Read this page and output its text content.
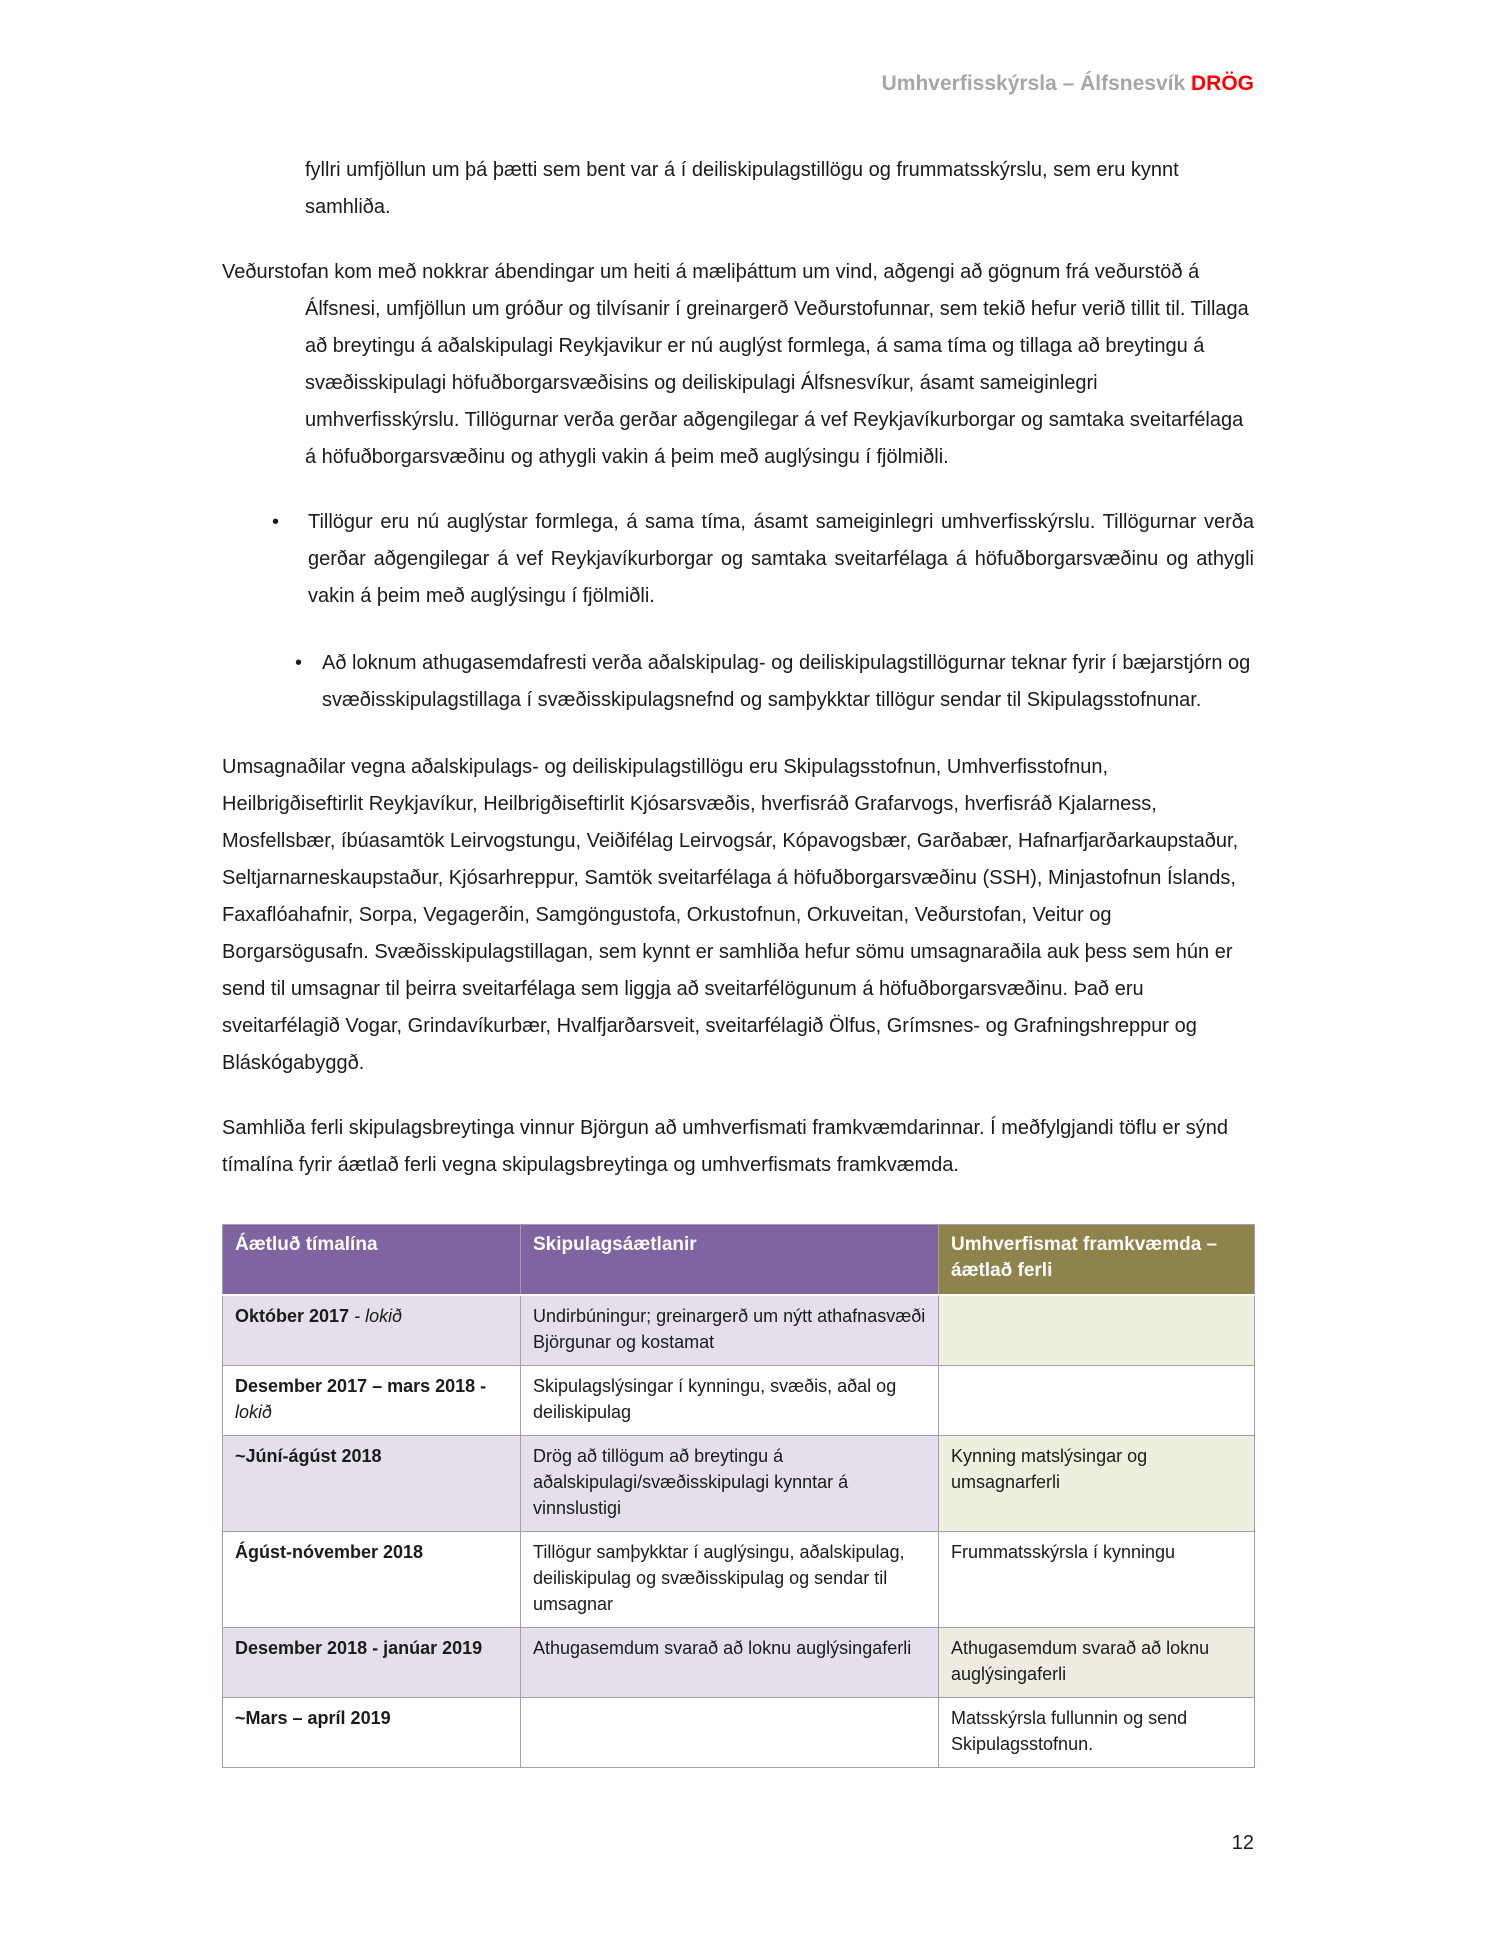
Umhverfisskýrsla – Álfsnesvík DRÖG

fyllri umfjöllun um þá þætti sem bent var á í deiliskipulagstillögu og frummatsskýrslu, sem eru kynnt samhliða.

Veðurstofan kom með nokkrar ábendingar um heiti á mæliþáttum um vind, aðgengi að gögnum frá veðurstöð á Álfsnesi, umfjöllun um gróður og tilvísanir í greinargerð Veðurstofunnar, sem tekið hefur verið tillit til. Tillaga að breytingu á aðalskipulagi Reykjavikur er nú auglýst formlega, á sama tíma og tillaga að breytingu á svæðisskipulagi höfuðborgarsvæðisins og deiliskipulagi Álfsnesvíkur, ásamt sameiginlegri umhverfisskýrslu. Tillögurnar verða gerðar aðgengilegar á vef Reykjavíkurborgar og samtaka sveitarfélaga á höfuðborgarsvæðinu og athygli vakin á þeim með auglýsingu í fjölmiðli.

•	Tillögur eru nú auglýstar formlega, á sama tíma, ásamt sameiginlegri umhverfisskýrslu. Tillögurnar verða gerðar aðgengilegar á vef Reykjavíkurborgar og samtaka sveitarfélaga á höfuðborgarsvæðinu og athygli vakin á þeim með auglýsingu í fjölmiðli.

• Að loknum athugasemdafresti verða aðalskipulag- og deiliskipulagstillögurnar teknar fyrir í bæjarstjórn og svæðisskipulagstillaga í svæðisskipulagsnefnd og samþykktar tillögur sendar til Skipulagsstofnunar.

Umsagnaðilar vegna aðalskipulags- og deiliskipulagstillögu eru Skipulagsstofnun, Umhverfisstofnun, Heilbrigðiseftirlit Reykjavíkur, Heilbrigðiseftirlit Kjósarsvæðis, hverfisráð Grafarvogs, hverfisráð Kjalarness, Mosfellsbær, íbúasamtök Leirvogstungu, Veiðifélag Leirvogsár, Kópavogsbær, Garðabær, Hafnarfjarðarkaupstaður, Seltjarnarneskaupstaður, Kjósarhreppur, Samtök sveitarfélaga á höfuðborgarsvæðinu (SSH), Minjastofnun Íslands, Faxaflóahafnir, Sorpa, Vegagerðin, Samgöngustofa, Orkustofnun, Orkuveitan, Veðurstofan, Veitur og Borgarsögusafn. Svæðisskipulagstillagan, sem kynnt er samhliða hefur sömu umsagnaraðila auk þess sem hún er send til umsagnar til þeirra sveitarfélaga sem liggja að sveitarfélögunum á höfuðborgarsvæðinu. Það eru sveitarfélagið Vogar, Grindavíkurbær, Hvalfjarðarsveit, sveitarfélagið Ölfus, Grímsnes- og Grafningshreppur og Bláskógabyggð.

Samhliða ferli skipulagsbreytinga vinnur Björgun að umhverfismati framkvæmdarinnar. Í meðfylgjandi töflu er sýnd tímalína fyrir áætlað ferli vegna skipulagsbreytinga og umhverfismats framkvæmda.

Áætluð tímalína	Skipulagsáætlanir	Umhverfismat framkvæmda – áætlað ferli
Október 2017 - lokið	Undirbúningur; greinargerð um nýtt athafnasvæði Björgunar og kostamat	
Desember 2017 – mars 2018 - lokið	Skipulagslýsingar í kynningu, svæðis, aðal og deiliskipulag	
~Júní-ágúst 2018	Drög að tillögum að breytingu á aðalskipulagi/svæðisskipulagi kynntar á vinnslustigi	Kynning matslýsingar og umsagnarferli
Ágúst-nóvember 2018	Tillögur samþykktar í auglýsingu, aðalskipulag, deiliskipulag og svæðisskipulag og sendar til umsagnar	Frummatsskýrsla í kynningu
Desember 2018 - janúar 2019	Athugasemdum svarað að loknu auglýsingaferli	Athugasemdum svarað að loknu auglýsingaferli
~Mars – apríl 2019		Matsskýrsla fullunnin og send Skipulagsstofnun.
12
